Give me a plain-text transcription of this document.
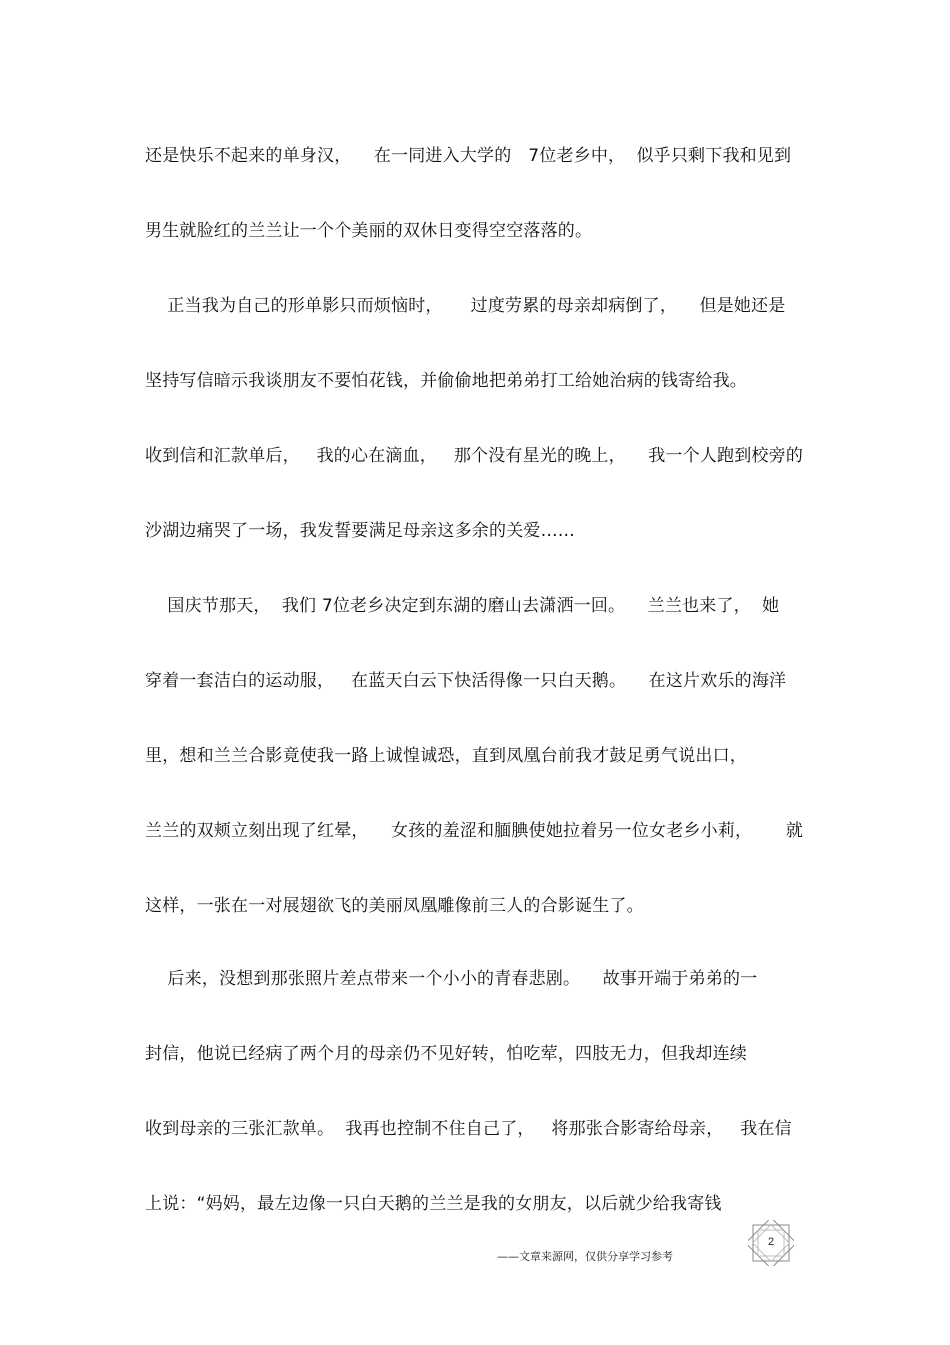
还是快乐不起来的单身汉，    在一同进入大学的   7位老乡中，  似乎只剩下我和见到
男生就脸红的兰兰让一个个美丽的双休日变得空空落落的。
正当我为自己的形单影只而烦恼时，     过度劳累的母亲却病倒了，    但是她还是
坚持写信暗示我谈朋友不要怕花钱，并偷偷地把弟弟打工给她治病的钱寄给我。
收到信和汇款单后，   我的心在滴血，   那个没有星光的晚上，    我一个人跑到校旁的
沙湖边痛哭了一场，我发誓要满足母亲这多余的关爱……
国庆节那天，  我们 7位老乡决定到东湖的磨山去潇洒一回。    兰兰也来了，  她
穿着一套洁白的运动服，   在蓝天白云下快活得像一只白天鹅。    在这片欢乐的海洋
里，想和兰兰合影竟使我一路上诚惶诚恐，直到凤凰台前我才鼓足勇气说出口，
兰兰的双颊立刻出现了红晕，    女孩的羞涩和腼腆使她拉着另一位女老乡小莉，      就
这样，一张在一对展翅欲飞的美丽凤凰雕像前三人的合影诞生了。
后来，没想到那张照片差点带来一个小小的青春悲剧。    故事开端于弟弟的一
封信，他说已经病了两个月的母亲仍不见好转，怕吃荤，四肢无力，但我却连续
收到母亲的三张汇款单。  我再也控制不住自己了，   将那张合影寄给母亲，   我在信
上说：“妈妈，最左边像一只白天鹅的兰兰是我的女朋友，以后就少给我寄钱
——文章来源网，仅供分享学习参考
2
